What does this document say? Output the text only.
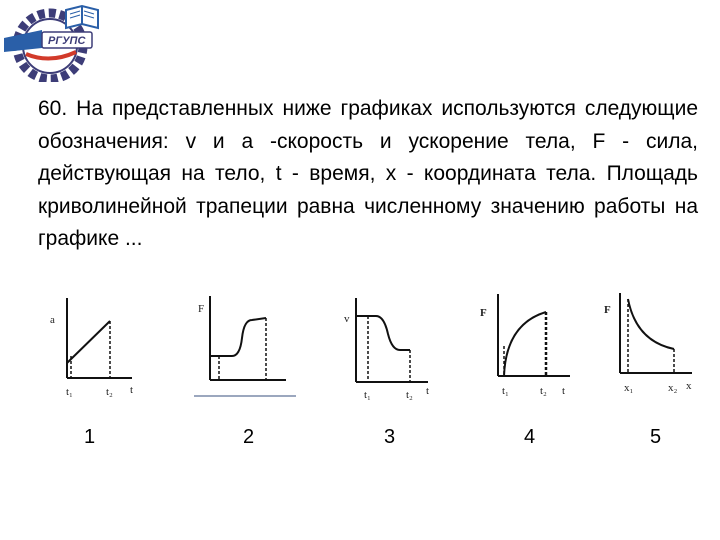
РГУПС
60. На представленных ниже графиках используются следующие обозначения: v и a -скорость и ускорение тела, F - сила, действующая на тело, t - время, x - координата тела. Площадь криволинейной трапеции равна численному значению работы на графике ...
a
t
t₁	t₂
F
v
t
t₁	t₂
F
t
t₁	t₂
F
x
x₁	x₂
1	2	3	4	5
